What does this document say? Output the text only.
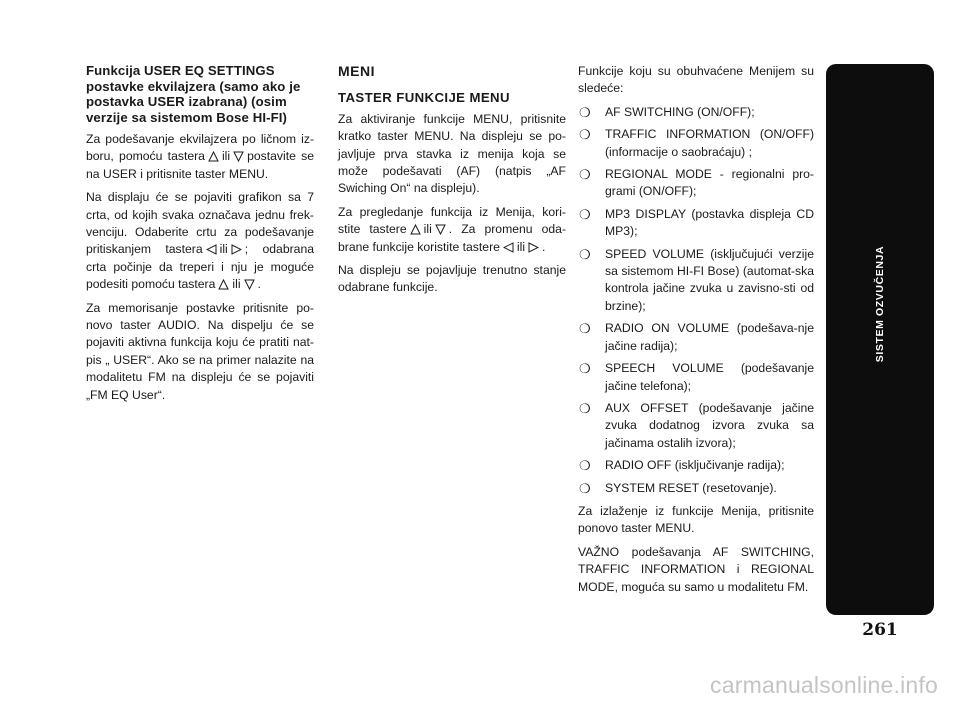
Funkcija USER EQ SETTINGS postavke ekvilajzera (samo ako je postavka USER izabrana) (osim verzije sa sistemom Bose HI-FI)

Za podešavanje ekvilajzera po ličnom iz-boru, pomoću tastera ili postavite se na USER i pritisnite taster MENU.

Na displaju će se pojaviti grafikon sa 7 crta, od kojih svaka označava jednu frek-venciju. Odaberite crtu za podešavanje pritiskanjem tastera ili ; odabrana crta počinje da treperi i nju je moguće podesiti pomoću tastera ili .

Za memorisanje postavke pritisnite po-novo taster AUDIO. Na dispelju će se pojaviti aktivna funkcija koju će pratiti nat-pis „ USER“. Ako se na primer nalazite na modalitetu FM na displeju će se pojaviti „FM EQ User“.

MENI
TASTER FUNKCIJE MENU

Za aktiviranje funkcije MENU, pritisnite kratko taster MENU. Na displeju se po-javljuje prva stavka iz menija koja se može podešavati (AF) (natpis „AF Swiching On“ na displeju).

Za pregledanje funkcija iz Menija, kori-stite tastere ili . Za promenu oda-brane funkcije koristite tastere ili .

Na displeju se pojavljuje trenutno stanje odabrane funkcije.

Funkcije koju su obuhvaćene Menijem su sledeće:

❍ AF SWITCHING (ON/OFF);
❍ TRAFFIC INFORMATION (ON/OFF) (informacije o saobraćaju) ;
❍ REGIONAL MODE - regionalni pro-grami (ON/OFF);
❍ MP3 DISPLAY (postavka displeja CD MP3);
❍ SPEED VOLUME (isključujući verzije sa sistemom HI-FI Bose) (automat-ska kontrola jačine zvuka u zavisno-sti od brzine);
❍ RADIO ON VOLUME (podešava-nje jačine radija);
❍ SPEECH VOLUME (podešavanje jačine telefona);
❍ AUX OFFSET (podešavanje jačine zvuka dodatnog izvora zvuka sa jačinama ostalih izvora);
❍ RADIO OFF (isključivanje radija);
❍ SYSTEM RESET (resetovanje).

Za izlaženje iz funkcije Menija, pritisnite ponovo taster MENU.

VAŽNO podešavanja AF SWITCHING, TRAFFIC INFORMATION i REGIONAL MODE, moguća su samo u modalitetu FM.

SISTEM OZVUČENJA
261
carmanualsonline.info
